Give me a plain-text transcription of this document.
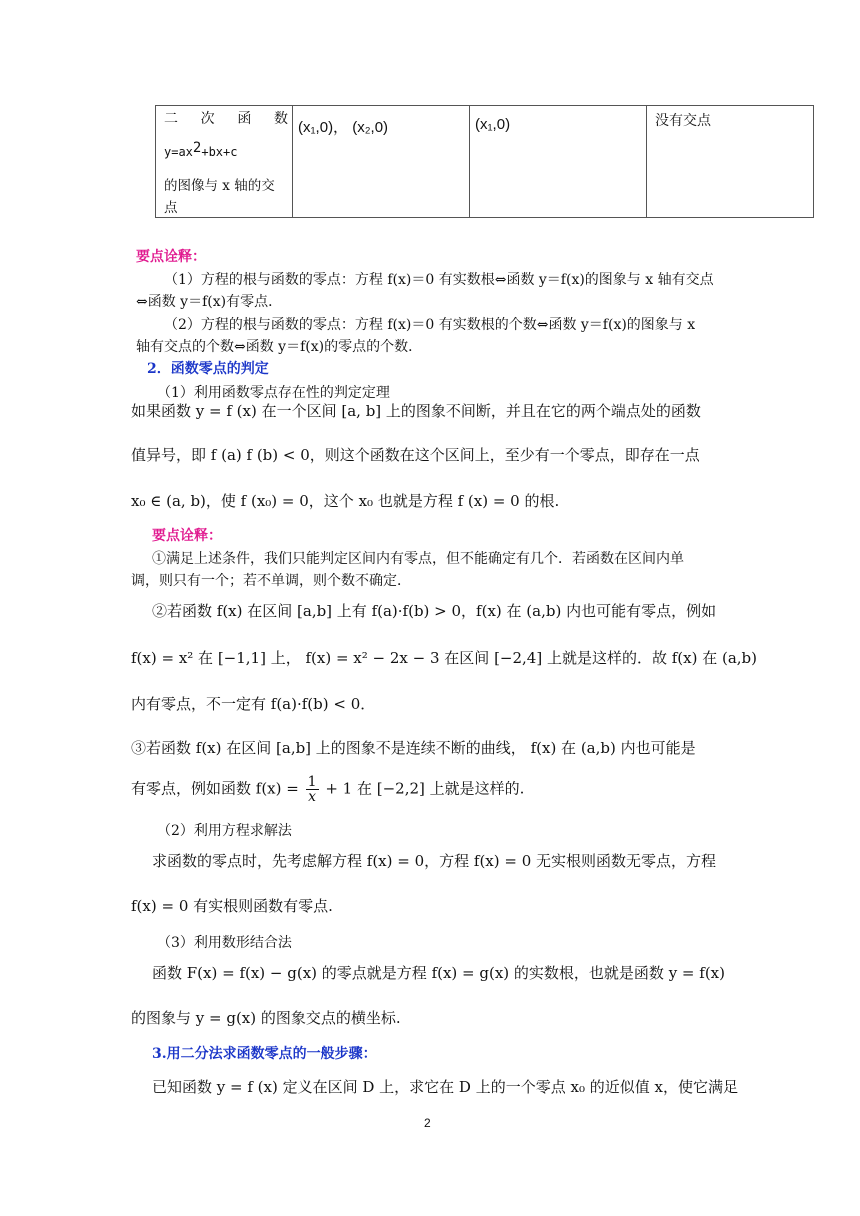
二 次 函 数
$y=ax^2+bx+c$
的图像与 x 轴的交
点
	(x₁,0)， (x₂,0)	(x₁,0)	没有交点
要点诠释：
（1）方程的根与函数的零点：方程 f(x)＝0 有实数根⇔函数 y＝f(x)的图象与 x 轴有交点
⇔函数 y＝f(x)有零点．
（2）方程的根与函数的零点：方程 f(x)＝0 有实数根的个数⇔函数 y＝f(x)的图象与 x
轴有交点的个数⇔函数 y＝f(x)的零点的个数．
2．函数零点的判定
（1）利用函数零点存在性的判定定理
如果函数 y = f (x) 在一个区间 [a, b] 上的图象不间断，并且在它的两个端点处的函数
值异号，即 f (a) f (b) < 0，则这个函数在这个区间上，至少有一个零点，即存在一点
x₀ ∈ (a, b)，使 f (x₀) = 0，这个 x₀ 也就是方程 f (x) = 0 的根.
要点诠释：
①满足上述条件，我们只能判定区间内有零点，但不能确定有几个．若函数在区间内单
调，则只有一个；若不单调，则个数不确定．
②若函数 f(x) 在区间 [a,b] 上有 f(a)·f(b) > 0，f(x) 在 (a,b) 内也可能有零点，例如
f(x) = x² 在 [−1,1] 上， f(x) = x² − 2x − 3 在区间 [−2,4] 上就是这样的．故 f(x) 在 (a,b)
内有零点，不一定有 f(a)·f(b) < 0．
③若函数 f(x) 在区间 [a,b] 上的图象不是连续不断的曲线， f(x) 在 (a,b) 内也可能是
有零点，例如函数 $f(x) = \frac{1}{x} + 1$ 在 [−2,2] 上就是这样的.
（2）利用方程求解法
求函数的零点时，先考虑解方程 f(x) = 0，方程 f(x) = 0 无实根则函数无零点，方程
f(x) = 0 有实根则函数有零点.
（3）利用数形结合法
函数 F(x) = f(x) − g(x) 的零点就是方程 f(x) = g(x) 的实数根，也就是函数 y = f(x)
的图象与 y = g(x) 的图象交点的横坐标.
3.用二分法求函数零点的一般步骤：
已知函数 y = f (x) 定义在区间 D 上，求它在 D 上的一个零点 x₀ 的近似值 x，使它满足
2
